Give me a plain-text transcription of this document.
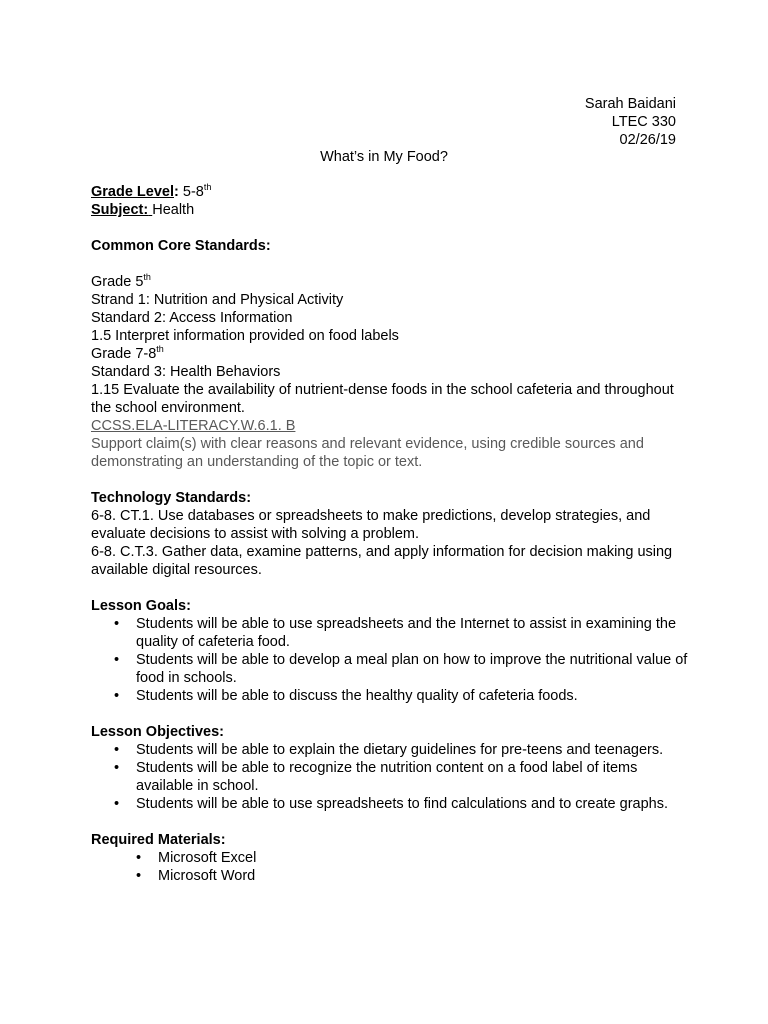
Sarah Baidani
LTEC 330
02/26/19
What’s in My Food?
Grade Level: 5-8th
Subject: Health
Common Core Standards:
Grade 5th
Strand 1: Nutrition and Physical Activity
Standard 2: Access Information
1.5 Interpret information provided on food labels
Grade 7-8th
Standard 3: Health Behaviors
1.15 Evaluate the availability of nutrient-dense foods in the school cafeteria and throughout the school environment.
CCSS.ELA-LITERACY.W.6.1. B
Support claim(s) with clear reasons and relevant evidence, using credible sources and demonstrating an understanding of the topic or text.
Technology Standards:
6-8. CT.1. Use databases or spreadsheets to make predictions, develop strategies, and evaluate decisions to assist with solving a problem.
6-8. C.T.3. Gather data, examine patterns, and apply information for decision making using available digital resources.
Lesson Goals:
• Students will be able to use spreadsheets and the Internet to assist in examining the quality of cafeteria food.
• Students will be able to develop a meal plan on how to improve the nutritional value of food in schools.
• Students will be able to discuss the healthy quality of cafeteria foods.
Lesson Objectives:
• Students will be able to explain the dietary guidelines for pre-teens and teenagers.
• Students will be able to recognize the nutrition content on a food label of items available in school.
• Students will be able to use spreadsheets to find calculations and to create graphs.
Required Materials:
• Microsoft Excel
• Microsoft Word
